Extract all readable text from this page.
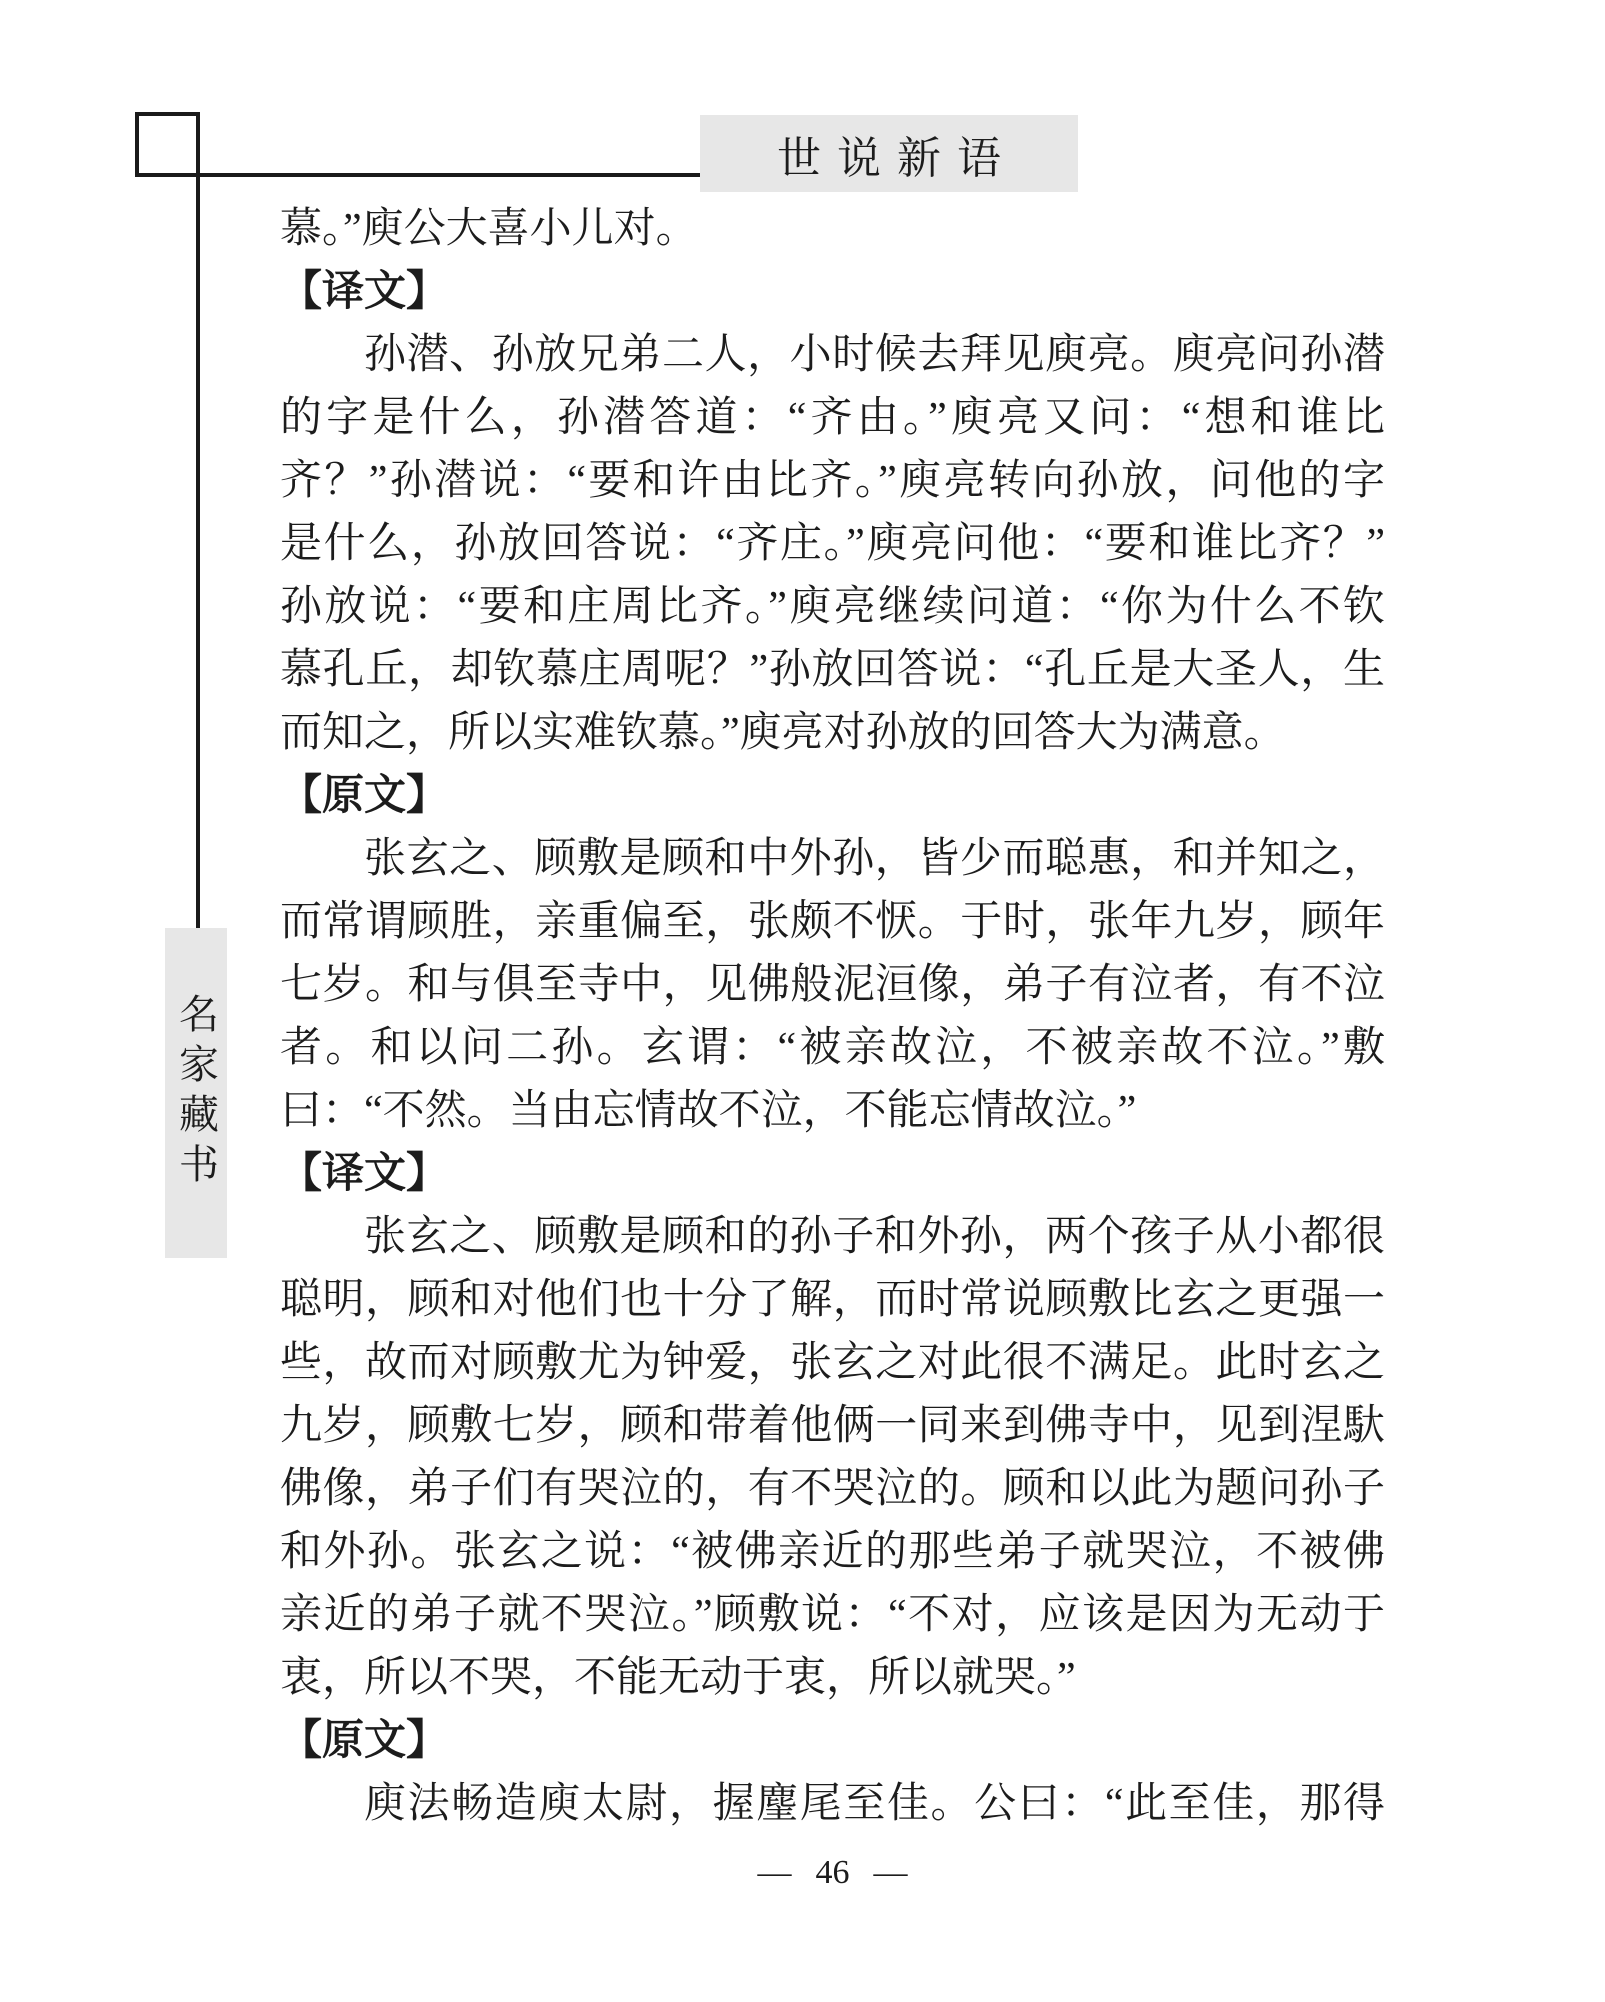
世说新语
名家藏书
慕。”庾公大喜小儿对。
【译文】
孙潜、孙放兄弟二人，小时候去拜见庾亮。庾亮问孙潜
的字是什么，孙潜答道：“齐由。”庾亮又问：“想和谁比
齐？”孙潜说：“要和许由比齐。”庾亮转向孙放，问他的字
是什么，孙放回答说：“齐庄。”庾亮问他：“要和谁比齐？”
孙放说：“要和庄周比齐。”庾亮继续问道：“你为什么不钦
慕孔丘，却钦慕庄周呢？”孙放回答说：“孔丘是大圣人，生
而知之，所以实难钦慕。”庾亮对孙放的回答大为满意。
【原文】
张玄之、顾敷是顾和中外孙，皆少而聪惠，和并知之，
而常谓顾胜，亲重偏至，张颇不恹。于时，张年九岁，顾年
七岁。和与俱至寺中，见佛般泥洹像，弟子有泣者，有不泣
者。和以问二孙。玄谓：“被亲故泣，不被亲故不泣。”敷
曰：“不然。当由忘情故不泣，不能忘情故泣。”
【译文】
张玄之、顾敷是顾和的孙子和外孙，两个孩子从小都很
聪明，顾和对他们也十分了解，而时常说顾敷比玄之更强一
些，故而对顾敷尤为钟爱，张玄之对此很不满足。此时玄之
九岁，顾敷七岁，顾和带着他俩一同来到佛寺中，见到涅馱
佛像，弟子们有哭泣的，有不哭泣的。顾和以此为题问孙子
和外孙。张玄之说：“被佛亲近的那些弟子就哭泣，不被佛
亲近的弟子就不哭泣。”顾敷说：“不对，应该是因为无动于
衷，所以不哭，不能无动于衷，所以就哭。”
【原文】
庾法畅造庾太尉，握麈尾至佳。公曰：“此至佳，那得
— 46 —
